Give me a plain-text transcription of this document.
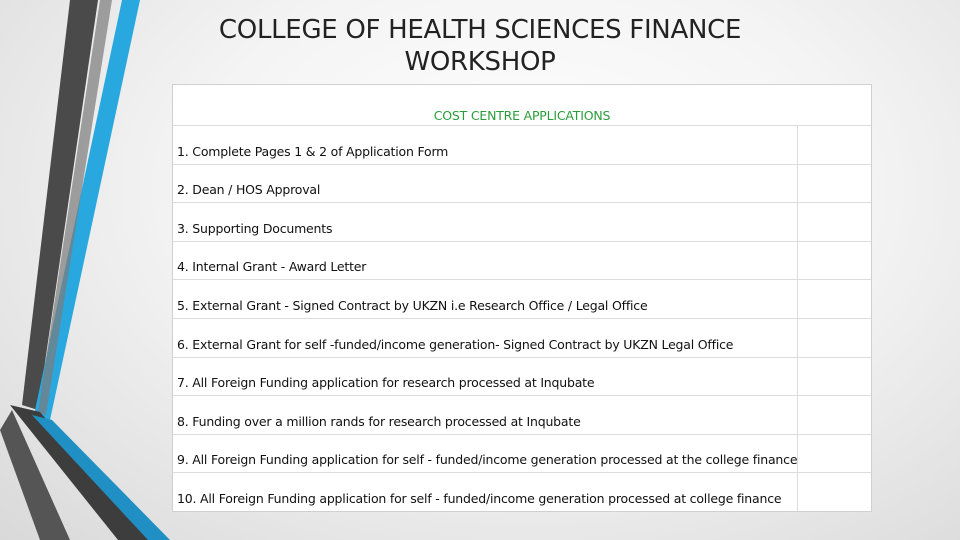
COLLEGE OF HEALTH SCIENCES FINANCE
WORKSHOP
COST CENTRE APPLICATIONS
1. Complete Pages 1 & 2 of Application Form
2. Dean / HOS Approval
3. Supporting Documents
4. Internal Grant - Award Letter
5. External Grant - Signed Contract by UKZN i.e Research Office / Legal Office
6. External Grant for self -funded/income generation- Signed Contract by UKZN Legal Office
7. All Foreign Funding application for research processed at Inqubate
8. Funding over a million rands for research processed at Inqubate
9. All Foreign Funding application for self - funded/income generation processed at the college finance
10. All Foreign Funding application for self - funded/income generation processed at college finance
